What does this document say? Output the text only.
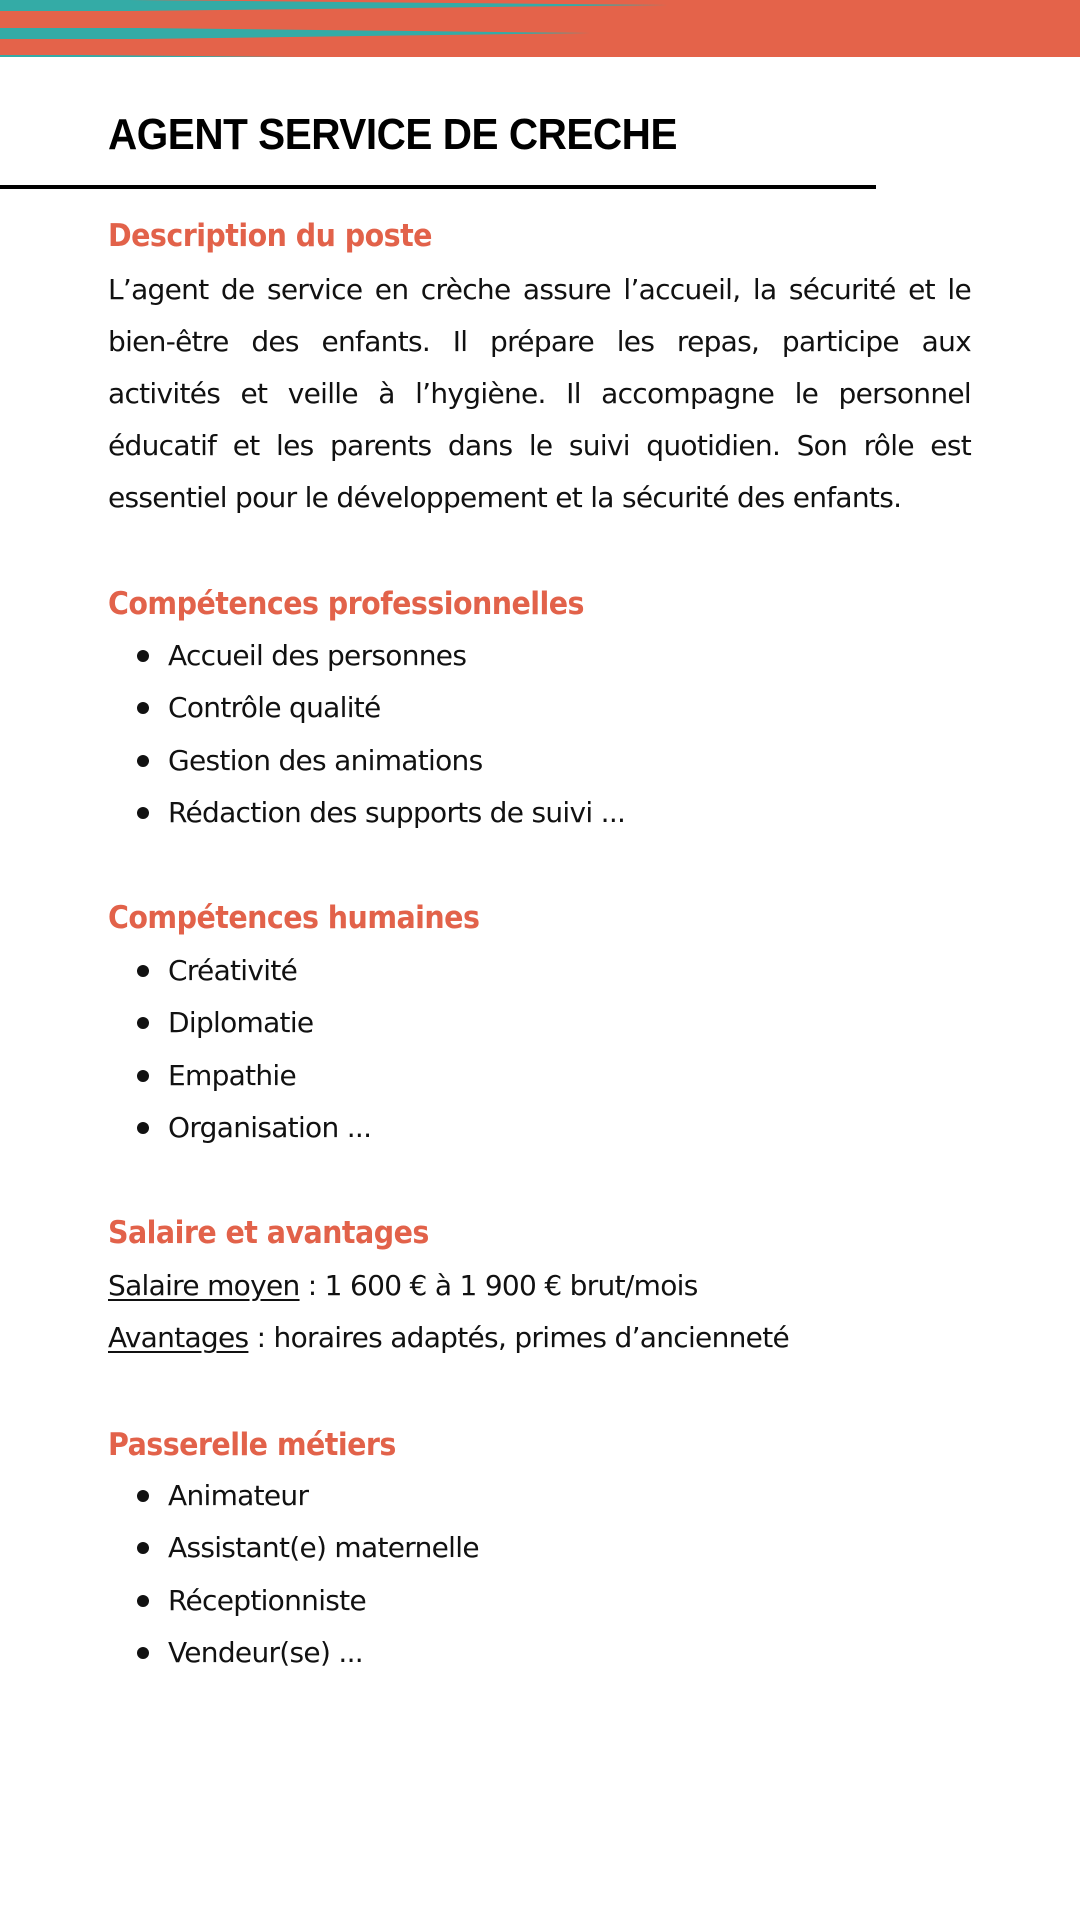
AGENT SERVICE DE CRECHE
Description du poste

L’agent de service en crèche assure l’accueil, la sécurité et le bien-être des enfants. Il prépare les repas, participe aux activités et veille à l’hygiène. Il accompagne le personnel éducatif et les parents dans le suivi quotidien. Son rôle est essentiel pour le développement et la sécurité des enfants.

Compétences professionnelles
Accueil des personnes
Contrôle qualité
Gestion des animations
Rédaction des supports de suivi ...
Compétences humaines
Créativité
Diplomatie
Empathie
Organisation ...
Salaire et avantages

Salaire moyen : 1 600 € à 1 900 € brut/mois

Avantages : horaires adaptés, primes d’ancienneté

Passerelle métiers
Animateur
Assistant(e) maternelle
Réceptionniste
Vendeur(se) ...
